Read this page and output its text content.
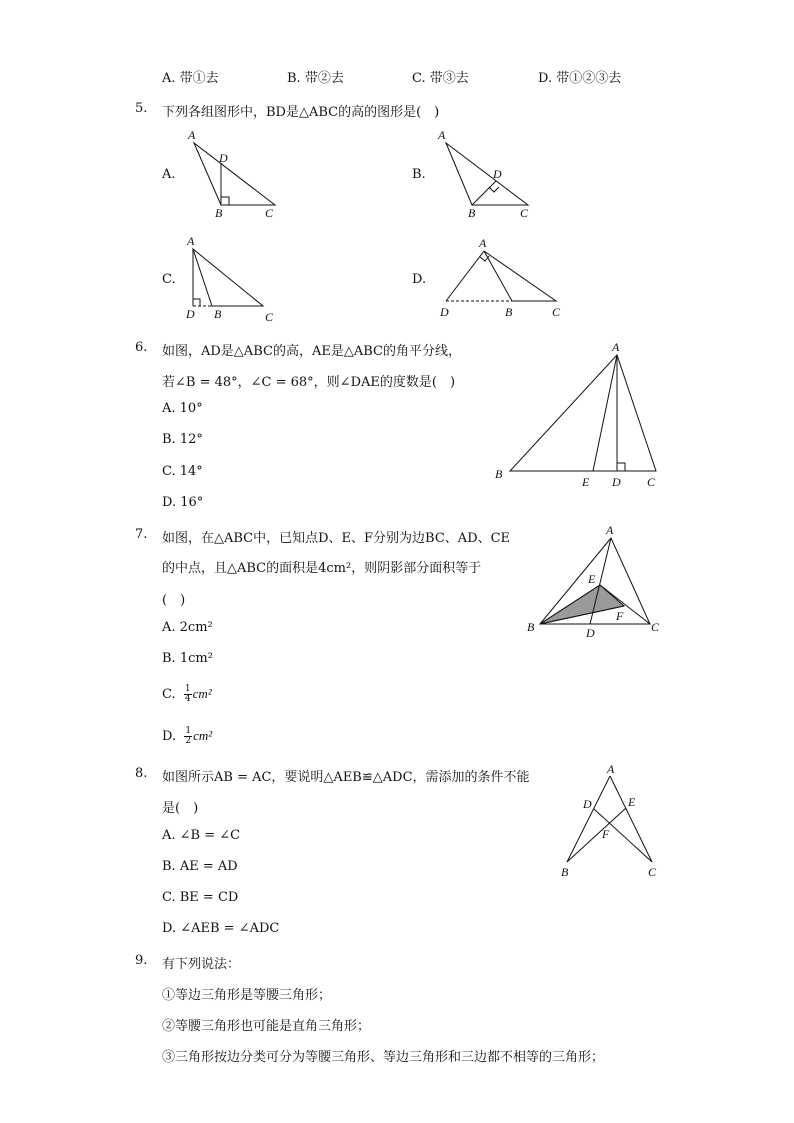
A. 带①去	B. 带②去	C. 带③去	D. 带①②③去
5. 下列各组图形中，BD是△ABC的高的图形是(　)
A.	B.
C.	D.
A
D
B	C
A
D
B	C
A
D B	C
A
D	B	C
6. 如图，AD是△ABC的高，AE是△ABC的角平分线，
若∠B = 48°，∠C = 68°，则∠DAE的度数是(　)
A. 10°
B. 12°
C. 14°
D. 16°
A
B
E D C
7. 如图，在△ABC中，已知点D、E、F分别为边BC、AD、CE
的中点，且△ABC的面积是4cm²，则阴影部分面积等于
(　)
A. 2cm²
B. 1cm²
C. $\frac{1}{4} cm^2$
D. $\frac{1}{2} cm^2$
A
E
F
B	D	C
8. 如图所示AB = AC，要说明△AEB≌△ADC，需添加的条件不能
是(　)
A. ∠B = ∠C
B. AE = AD
C. BE = CD
D. ∠AEB = ∠ADC
A
D	E
F
B	C
9. 有下列说法：
①等边三角形是等腰三角形；
②等腰三角形也可能是直角三角形；
③三角形按边分类可分为等腰三角形、等边三角形和三边都不相等的三角形；
